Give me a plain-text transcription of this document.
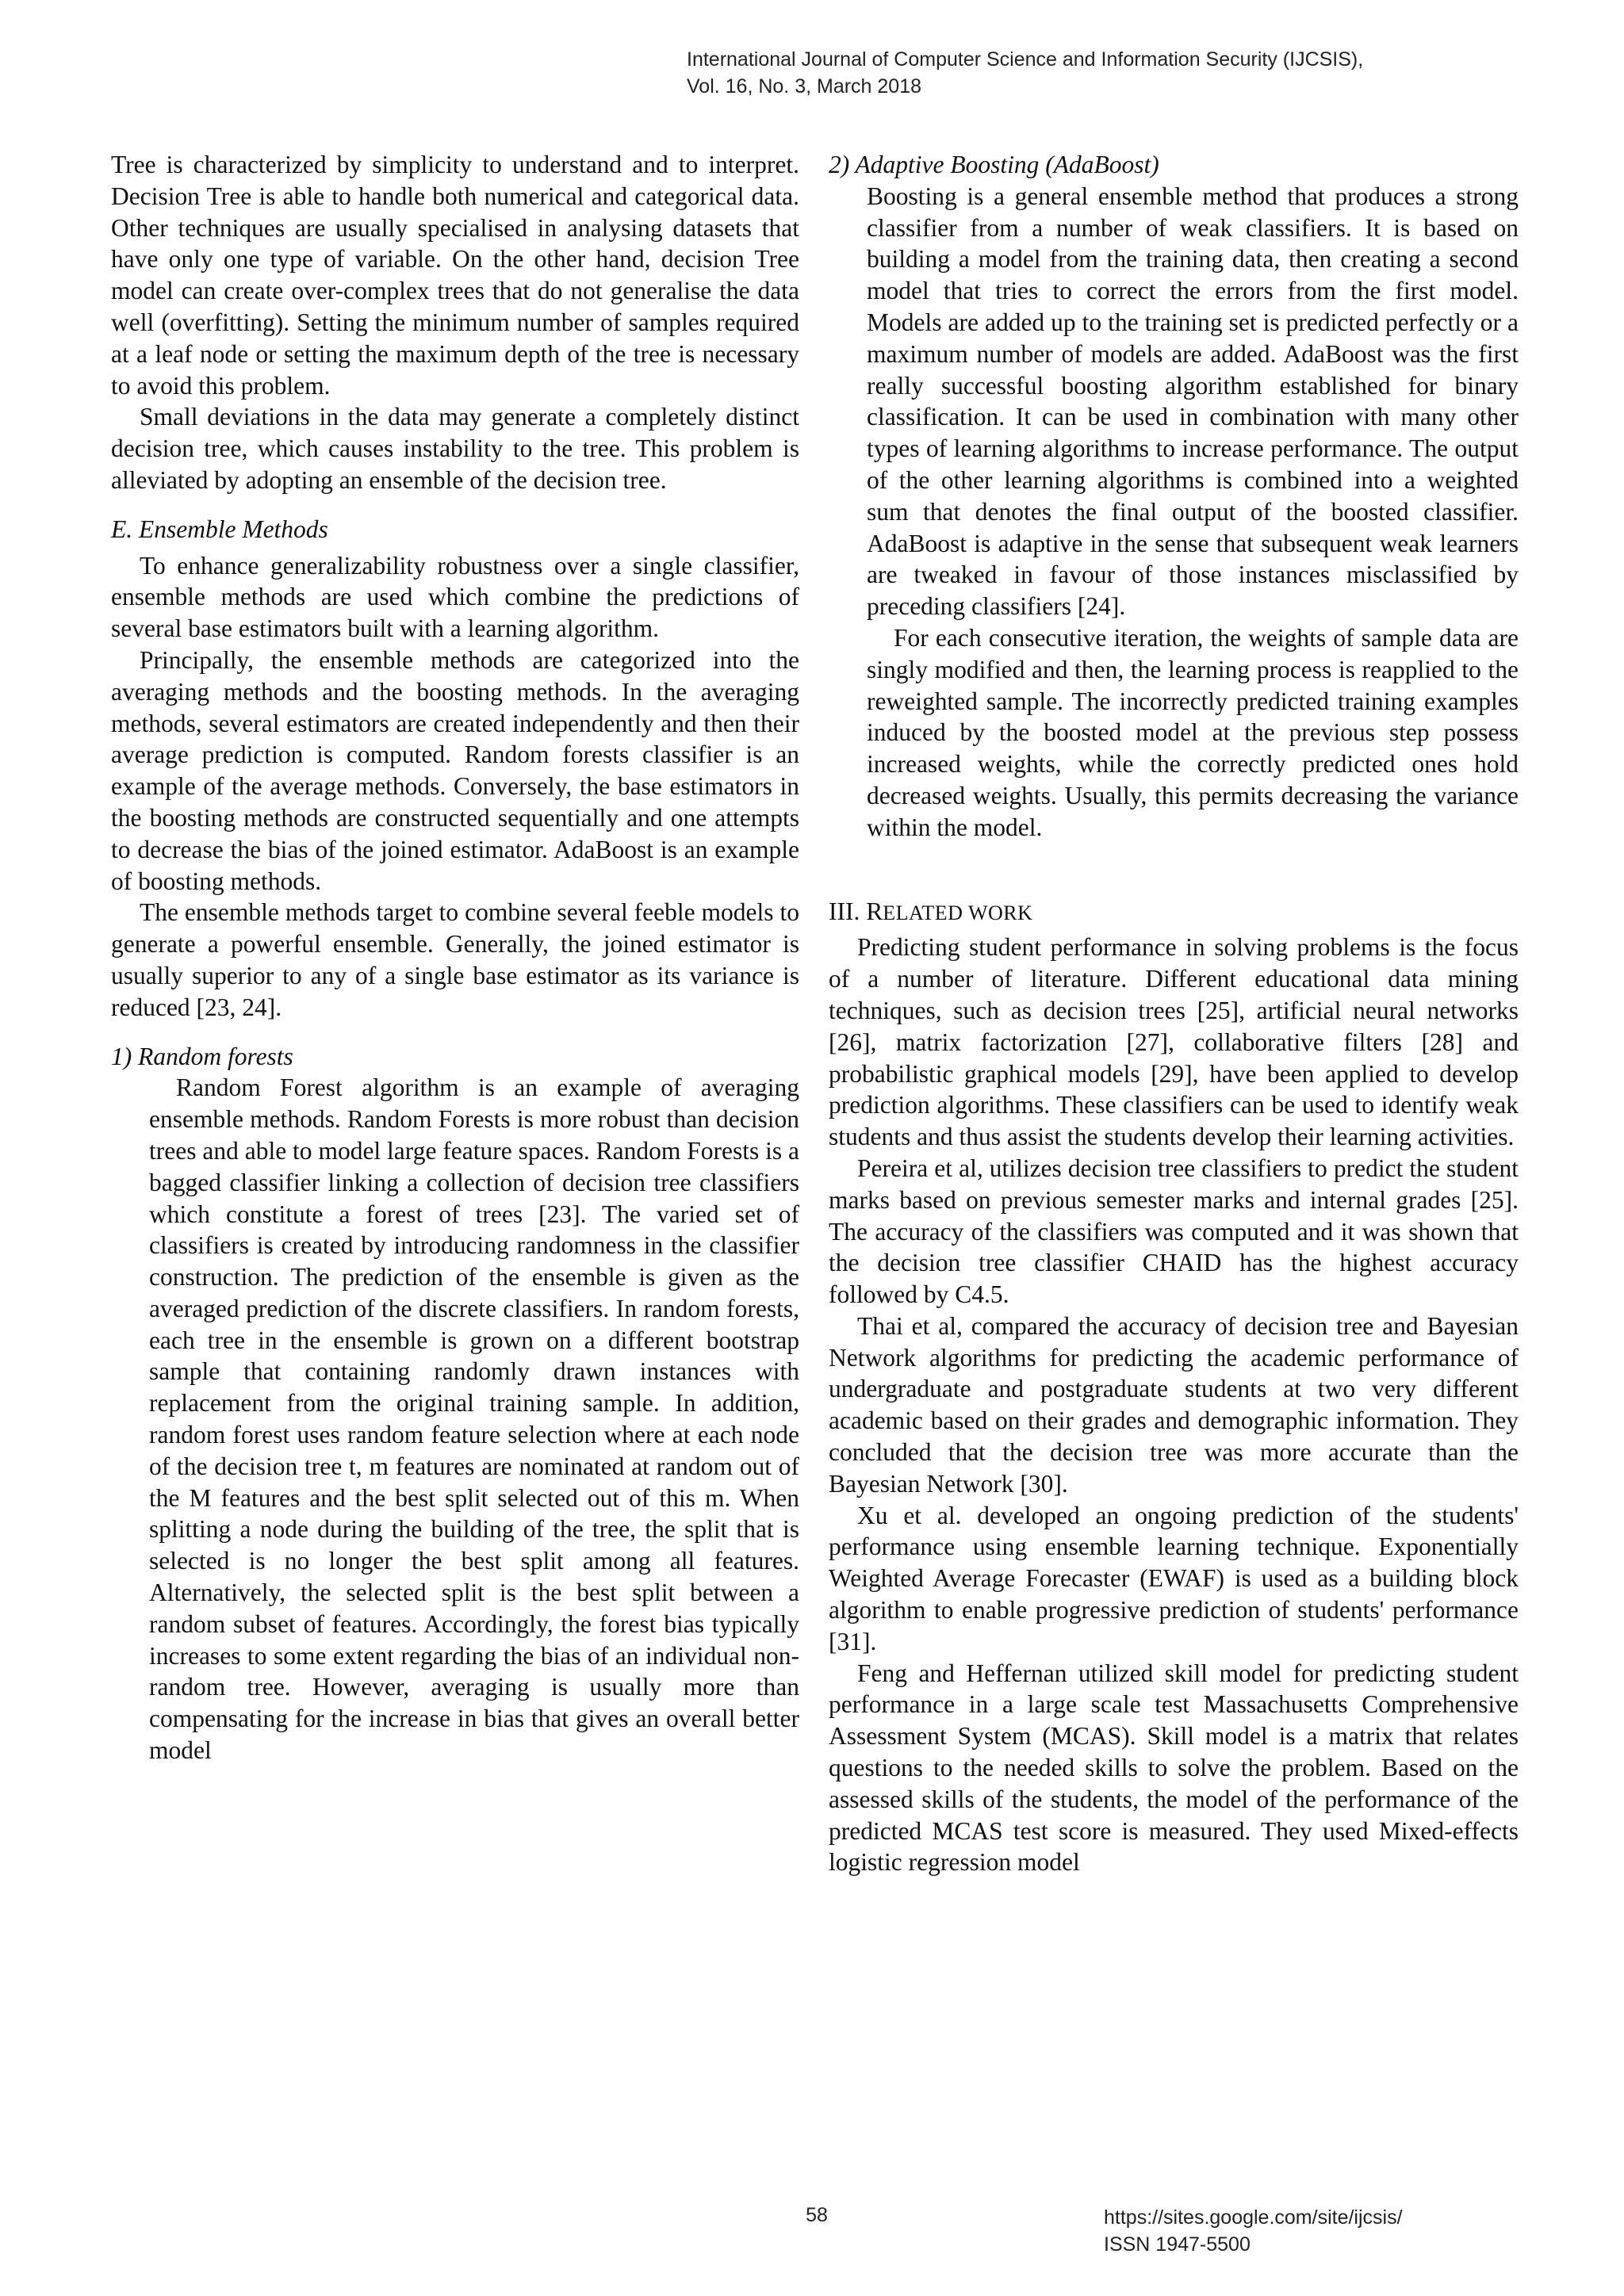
International Journal of Computer Science and Information Security (IJCSIS),
Vol. 16, No. 3, March 2018

Tree is characterized by simplicity to understand and to interpret. Decision Tree is able to handle both numerical and categorical data. Other techniques are usually specialised in analysing datasets that have only one type of variable. On the other hand, decision Tree model can create over-complex trees that do not generalise the data well (overfitting). Setting the minimum number of samples required at a leaf node or setting the maximum depth of the tree is necessary to avoid this problem.

Small deviations in the data may generate a completely distinct decision tree, which causes instability to the tree. This problem is alleviated by adopting an ensemble of the decision tree.

E. Ensemble Methods

To enhance generalizability robustness over a single classifier, ensemble methods are used which combine the predictions of several base estimators built with a learning algorithm.

Principally, the ensemble methods are categorized into the averaging methods and the boosting methods. In the averaging methods, several estimators are created independently and then their average prediction is computed. Random forests classifier is an example of the average methods. Conversely, the base estimators in the boosting methods are constructed sequentially and one attempts to decrease the bias of the joined estimator. AdaBoost is an example of boosting methods.

The ensemble methods target to combine several feeble models to generate a powerful ensemble. Generally, the joined estimator is usually superior to any of a single base estimator as its variance is reduced [23, 24].

1) Random forests

Random Forest algorithm is an example of averaging ensemble methods. Random Forests is more robust than decision trees and able to model large feature spaces. Random Forests is a bagged classifier linking a collection of decision tree classifiers which constitute a forest of trees [23]. The varied set of classifiers is created by introducing randomness in the classifier construction. The prediction of the ensemble is given as the averaged prediction of the discrete classifiers. In random forests, each tree in the ensemble is grown on a different bootstrap sample that containing randomly drawn instances with replacement from the original training sample. In addition, random forest uses random feature selection where at each node of the decision tree t, m features are nominated at random out of the M features and the best split selected out of this m. When splitting a node during the building of the tree, the split that is selected is no longer the best split among all features. Alternatively, the selected split is the best split between a random subset of features. Accordingly, the forest bias typically increases to some extent regarding the bias of an individual non-random tree. However, averaging is usually more than compensating for the increase in bias that gives an overall better model

2) Adaptive Boosting (AdaBoost)

Boosting is a general ensemble method that produces a strong classifier from a number of weak classifiers. It is based on building a model from the training data, then creating a second model that tries to correct the errors from the first model. Models are added up to the training set is predicted perfectly or a maximum number of models are added. AdaBoost was the first really successful boosting algorithm established for binary classification. It can be used in combination with many other types of learning algorithms to increase performance. The output of the other learning algorithms is combined into a weighted sum that denotes the final output of the boosted classifier. AdaBoost is adaptive in the sense that subsequent weak learners are tweaked in favour of those instances misclassified by preceding classifiers [24].

For each consecutive iteration, the weights of sample data are singly modified and then, the learning process is reapplied to the reweighted sample. The incorrectly predicted training examples induced by the boosted model at the previous step possess increased weights, while the correctly predicted ones hold decreased weights. Usually, this permits decreasing the variance within the model.

III. RELATED WORK

Predicting student performance in solving problems is the focus of a number of literature. Different educational data mining techniques, such as decision trees [25], artificial neural networks [26], matrix factorization [27], collaborative filters [28] and probabilistic graphical models [29], have been applied to develop prediction algorithms. These classifiers can be used to identify weak students and thus assist the students develop their learning activities.

Pereira et al, utilizes decision tree classifiers to predict the student marks based on previous semester marks and internal grades [25]. The accuracy of the classifiers was computed and it was shown that the decision tree classifier CHAID has the highest accuracy followed by C4.5.

Thai et al, compared the accuracy of decision tree and Bayesian Network algorithms for predicting the academic performance of undergraduate and postgraduate students at two very different academic based on their grades and demographic information. They concluded that the decision tree was more accurate than the Bayesian Network [30].

Xu et al. developed an ongoing prediction of the students' performance using ensemble learning technique. Exponentially Weighted Average Forecaster (EWAF) is used as a building block algorithm to enable progressive prediction of students' performance [31].

Feng and Heffernan utilized skill model for predicting student performance in a large scale test Massachusetts Comprehensive Assessment System (MCAS). Skill model is a matrix that relates questions to the needed skills to solve the problem. Based on the assessed skills of the students, the model of the performance of the predicted MCAS test score is measured. They used Mixed-effects logistic regression model

58	https://sites.google.com/site/ijcsis/
ISSN 1947-5500
